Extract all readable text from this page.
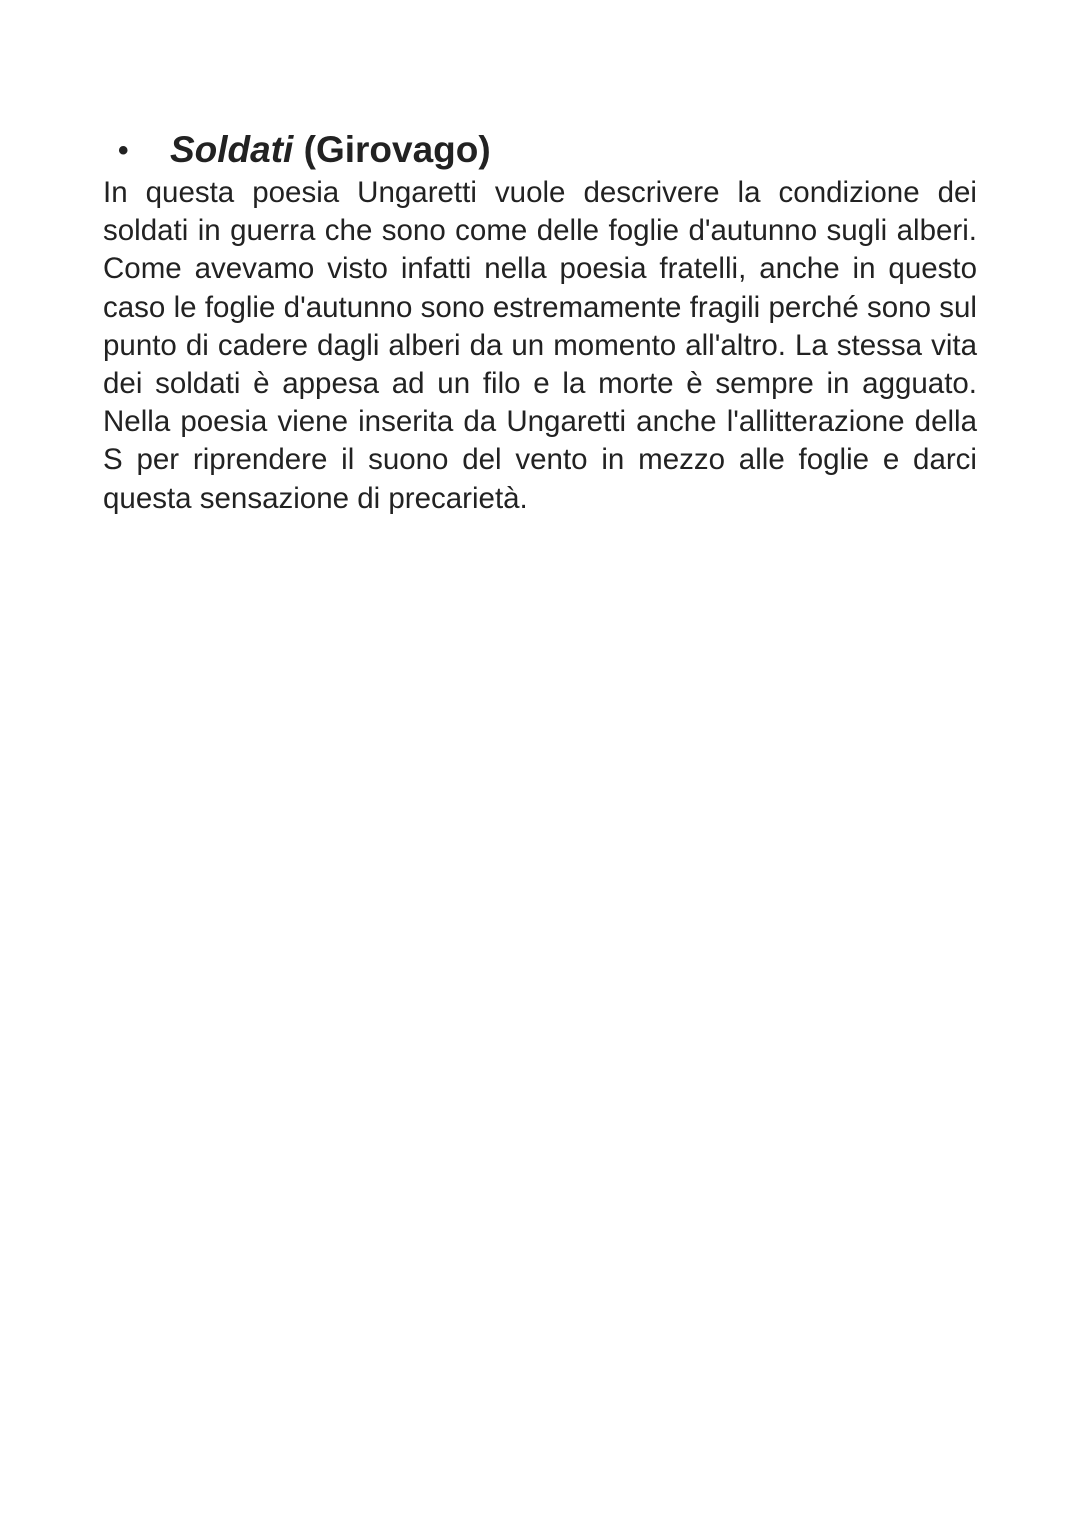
• Soldati (Girovago)

In questa poesia Ungaretti vuole descrivere la condizione dei soldati in guerra che sono come delle foglie d'autunno sugli alberi. Come avevamo visto infatti nella poesia fratelli, anche in questo caso le foglie d'autunno sono estremamente fragili perché sono sul punto di cadere dagli alberi da un momento all'altro. La stessa vita dei soldati è appesa ad un filo e la morte è sempre in agguato. Nella poesia viene inserita da Ungaretti anche l'allitterazione della S per riprendere il suono del vento in mezzo alle foglie e darci questa sensazione di precarietà.
